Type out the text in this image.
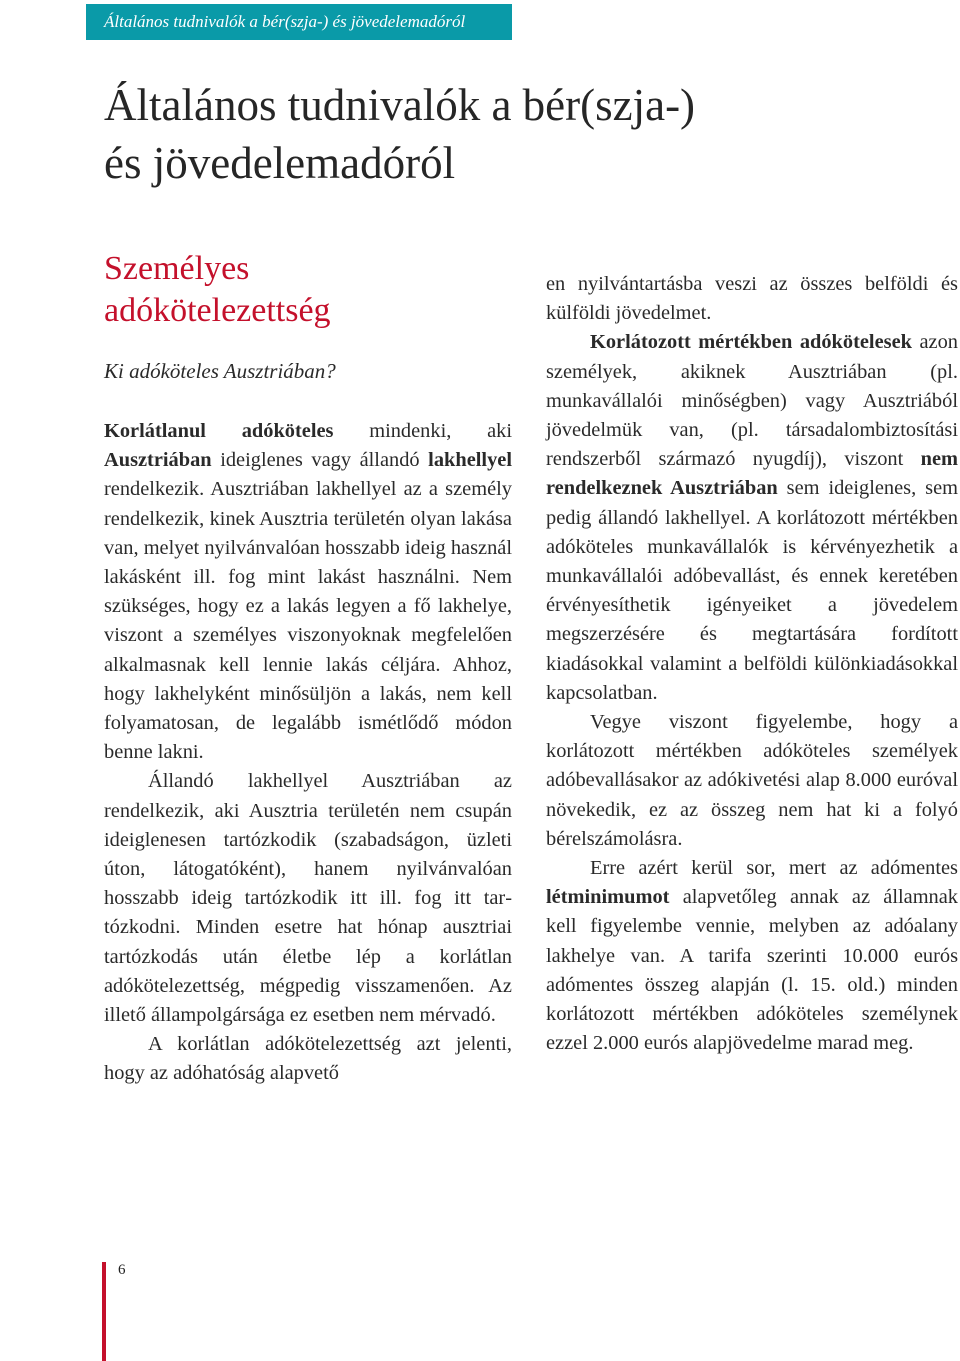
Általános tudnivalók a bér(szja-) és jövedelemadóról
Általános tudnivalók a bér(szja-)
és jövedelemadóról
Személyes
adókötelezettség

Ki adóköteles Ausztriában?

Korlátlanul adóköteles mindenki, aki Ausztriában ideiglenes vagy állandó lakhellyel rendelkezik. Ausztriában lakhellyel az a személy rendelkezik, kinek Ausztria területén olyan lakása van, melyet nyilvánvalóan hosszabb ideig használ lakásként ill. fog mint lakást használni. Nem szükséges, hogy ez a lakás legyen a fő lakhelye, viszont a személyes viszonyoknak megfelelően alkalmasnak kell lennie lakás céljára. Ahhoz, hogy lakhelyként minősüljön a lakás, nem kell folyamatosan, de legalább ismétlődő módon benne lakni.

Állandó lakhellyel Ausztriában az rendelkezik, aki Ausztria területén nem csupán ideiglenesen tartózkodik (szabadságon, üzleti úton, látogatóként), hanem nyilvánvalóan hosszabb ideig tartózkodik itt ill. fog itt tartózkodni. Minden esetre hat hónap ausztriai tartózkodás után életbe lép a korlátlan adókötelezettség, mégpedig visszamenően. Az illető állampolgársága ez esetben nem mérvadó.

A korlátlan adókötelezettség azt jelenti, hogy az adóhatóság alapvető

en nyilvántartásba veszi az összes belföldi és külföldi jövedelmet.

Korlátozott mértékben adókötelesek azon személyek, akiknek Ausztriában (pl. munkavállalói minőségben) vagy Ausztriából jövedelmük van, (pl. társadalombiztosítási rendszerből származó nyugdíj), viszont nem rendelkeznek Ausztriában sem ideiglenes, sem pedig állandó lakhellyel. A korlátozott mértékben adóköteles munkavállalók is kérvényezhetik a munkavállalói adóbevallást, és ennek keretében érvényesíthetik igényeiket a jövedelem megszerzésére és megtartására fordított kiadásokkal valamint a belföldi különkiadásokkal kapcsolatban.

Vegye viszont figyelembe, hogy a korlátozott mértékben adóköteles személyek adóbevallásakor az adókivetési alap 8.000 euróval növekedik, ez az összeg nem hat ki a folyó bérelszámolásra.

Erre azért kerül sor, mert az adómentes létminimumot alapvetőleg annak az államnak kell figyelembe vennie, melyben az adóalany lakhelye van. A tarifa szerinti 10.000 eurós adómentes összeg alapján (l. 15. old.) minden korlátozott mértékben adóköteles személynek ezzel 2.000 eurós alapjövedelme marad meg.

6
